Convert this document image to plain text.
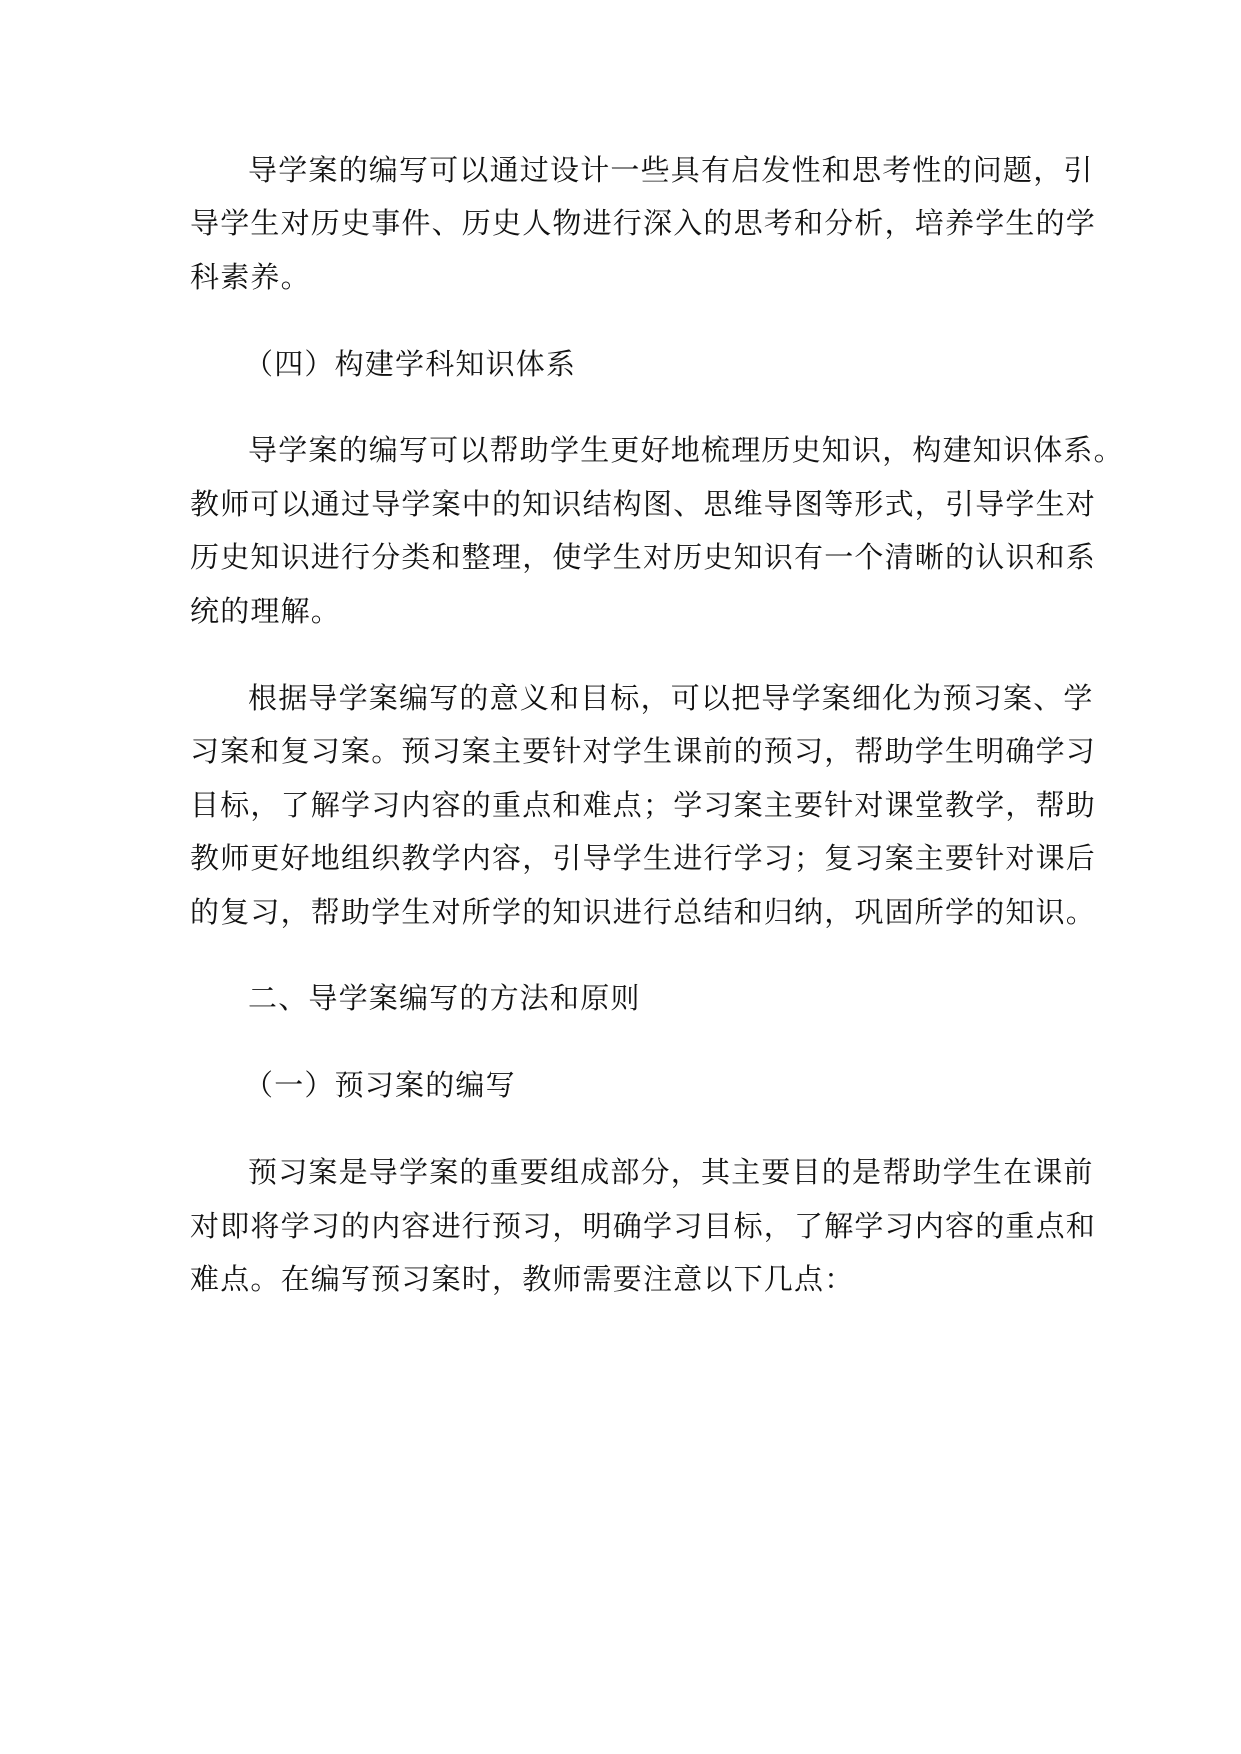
导学案的编写可以通过设计一些具有启发性和思考性的问题，引
导学生对历史事件、历史人物进行深入的思考和分析，培养学生的学
科素养。
（四）构建学科知识体系
导学案的编写可以帮助学生更好地梳理历史知识，构建知识体系。
教师可以通过导学案中的知识结构图、思维导图等形式，引导学生对
历史知识进行分类和整理，使学生对历史知识有一个清晰的认识和系
统的理解。
根据导学案编写的意义和目标，可以把导学案细化为预习案、学
习案和复习案。预习案主要针对学生课前的预习，帮助学生明确学习
目标，了解学习内容的重点和难点；学习案主要针对课堂教学，帮助
教师更好地组织教学内容，引导学生进行学习；复习案主要针对课后
的复习，帮助学生对所学的知识进行总结和归纳，巩固所学的知识。
二、导学案编写的方法和原则
（一）预习案的编写
预习案是导学案的重要组成部分，其主要目的是帮助学生在课前
对即将学习的内容进行预习，明确学习目标，了解学习内容的重点和
难点。在编写预习案时，教师需要注意以下几点：
